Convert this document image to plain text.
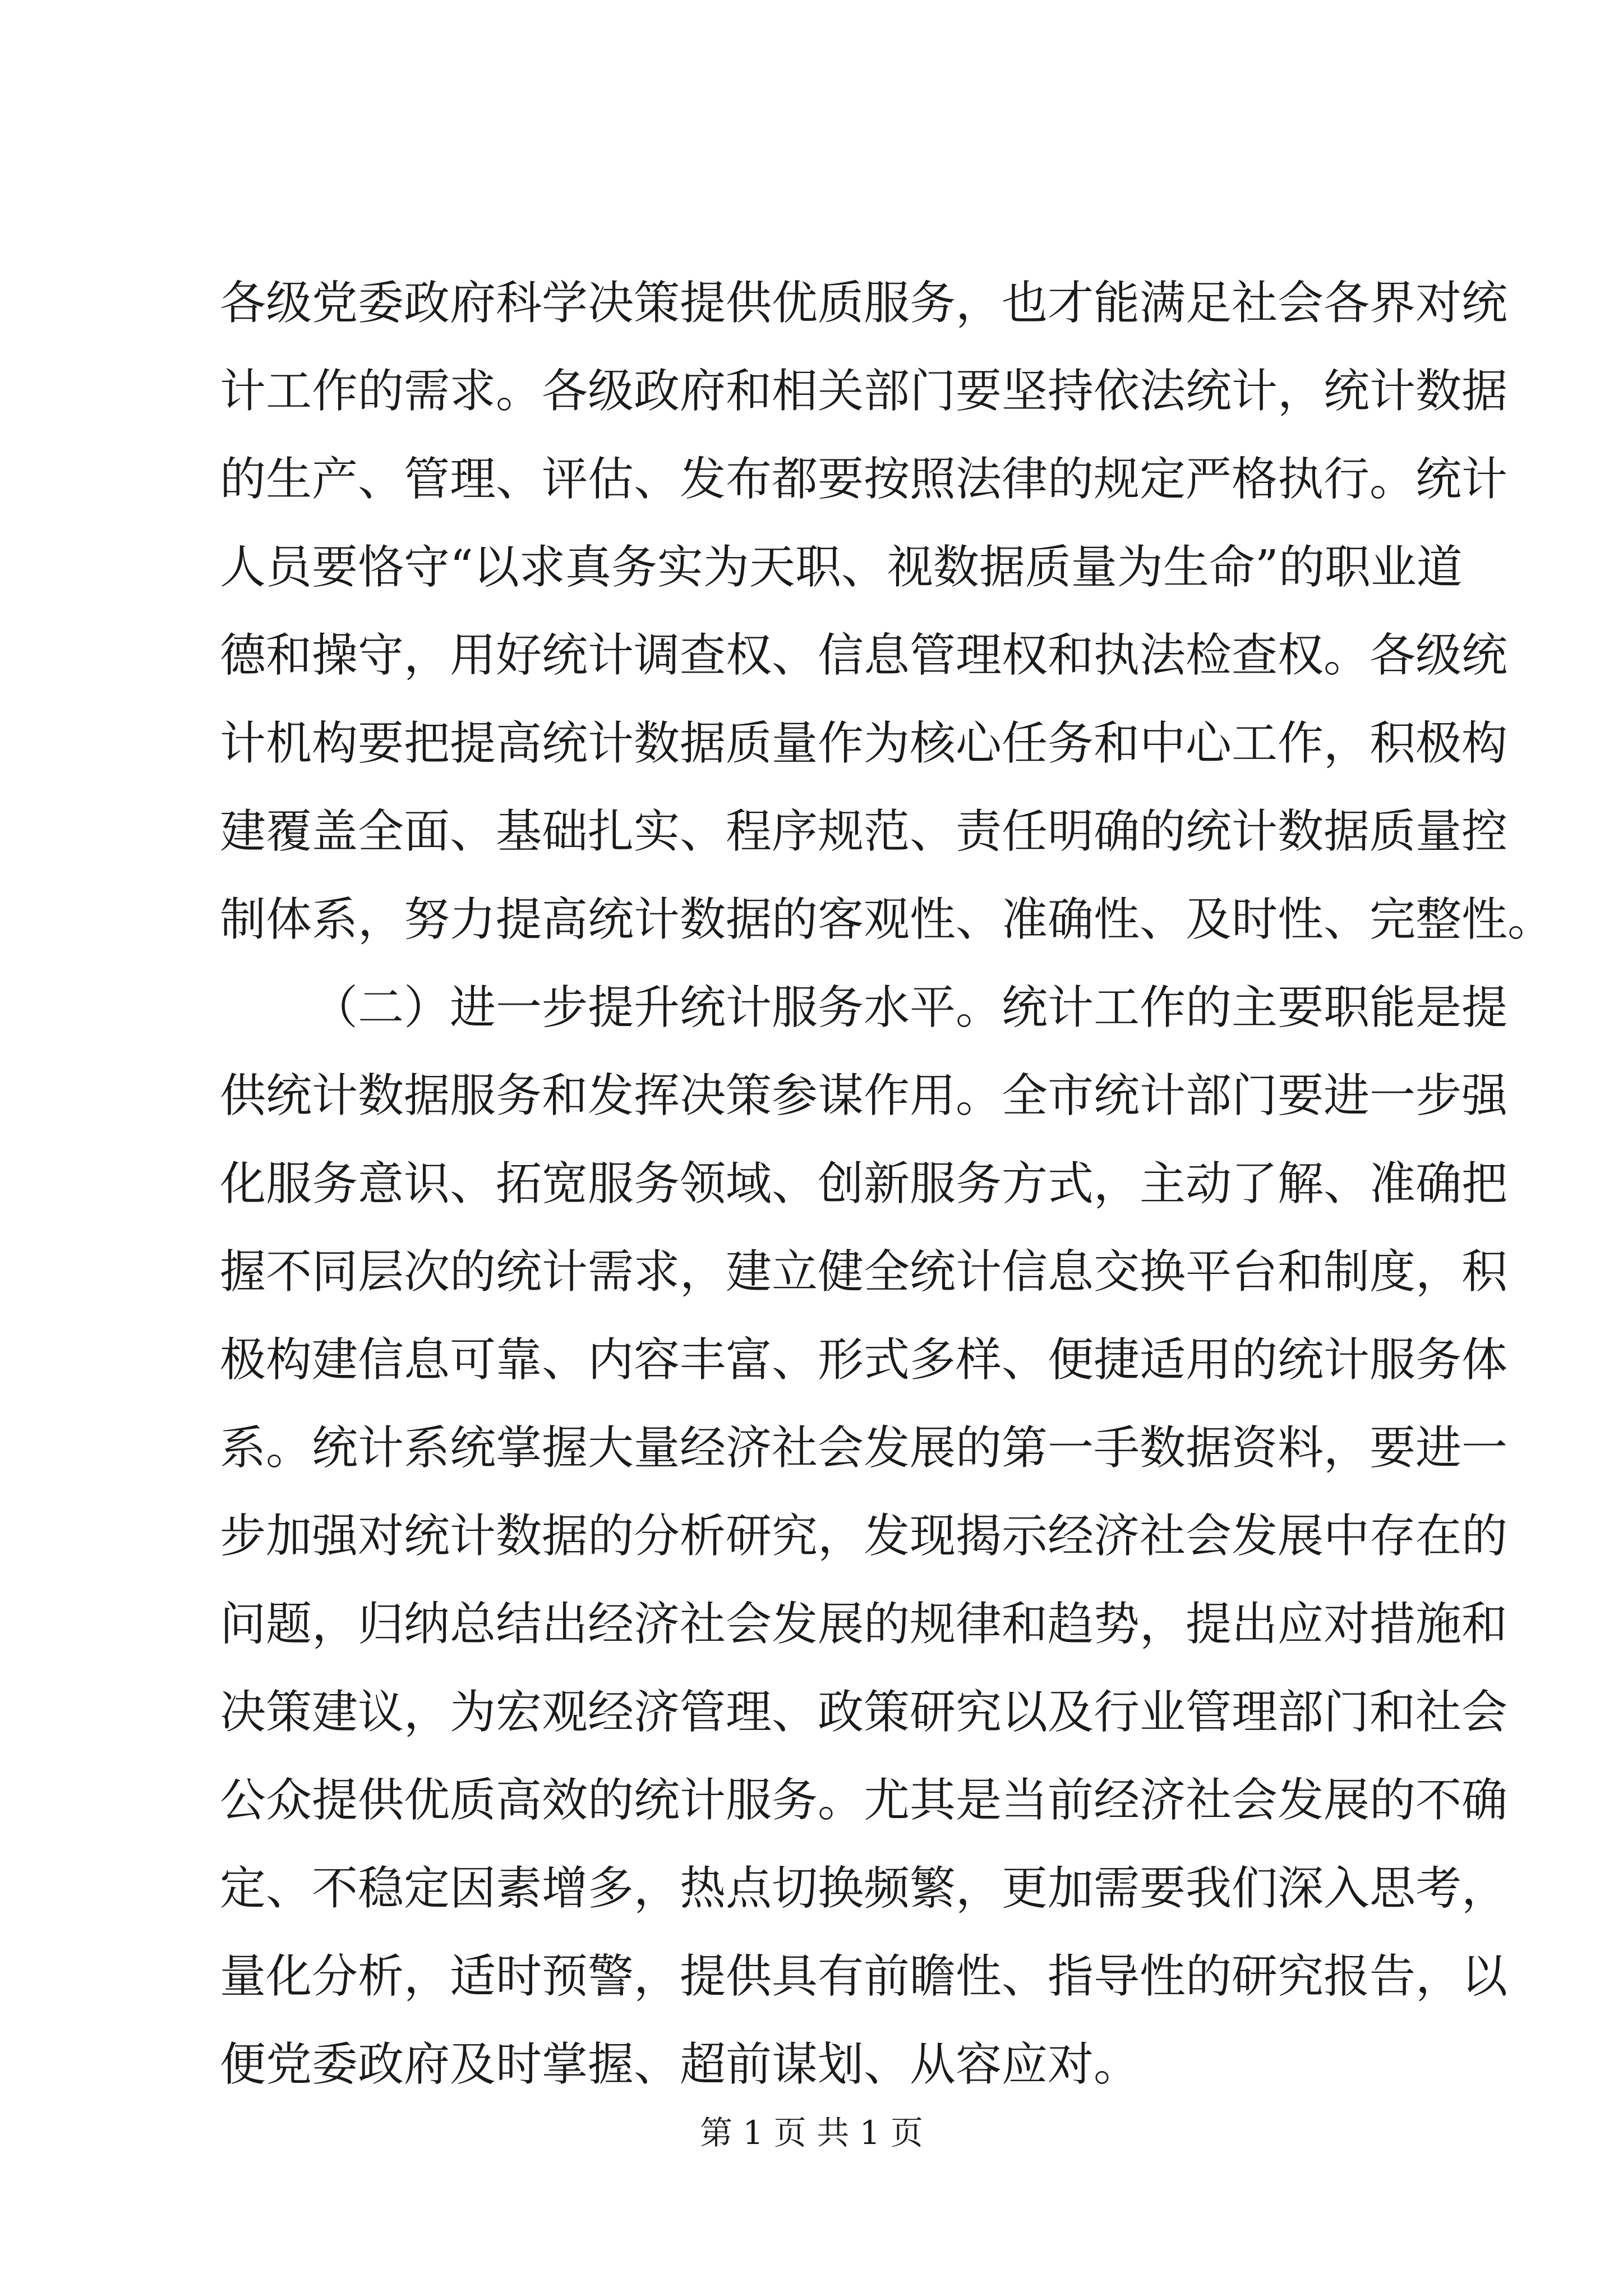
各级党委政府科学决策提供优质服务，也才能满足社会各界对统
计工作的需求。各级政府和相关部门要坚持依法统计，统计数据
的生产、管理、评估、发布都要按照法律的规定严格执行。统计
人员要恪守“以求真务实为天职、视数据质量为生命”的职业道
德和操守，用好统计调查权、信息管理权和执法检查权。各级统
计机构要把提高统计数据质量作为核心任务和中心工作，积极构
建覆盖全面、基础扎实、程序规范、责任明确的统计数据质量控
制体系，努力提高统计数据的客观性、准确性、及时性、完整性。
（二）进一步提升统计服务水平。统计工作的主要职能是提
供统计数据服务和发挥决策参谋作用。全市统计部门要进一步强
化服务意识、拓宽服务领域、创新服务方式，主动了解、准确把
握不同层次的统计需求，建立健全统计信息交换平台和制度，积
极构建信息可靠、内容丰富、形式多样、便捷适用的统计服务体
系。统计系统掌握大量经济社会发展的第一手数据资料，要进一
步加强对统计数据的分析研究，发现揭示经济社会发展中存在的
问题，归纳总结出经济社会发展的规律和趋势，提出应对措施和
决策建议，为宏观经济管理、政策研究以及行业管理部门和社会
公众提供优质高效的统计服务。尤其是当前经济社会发展的不确
定、不稳定因素增多，热点切换频繁，更加需要我们深入思考，
量化分析，适时预警，提供具有前瞻性、指导性的研究报告，以
便党委政府及时掌握、超前谋划、从容应对。
第 1 页 共 1 页
